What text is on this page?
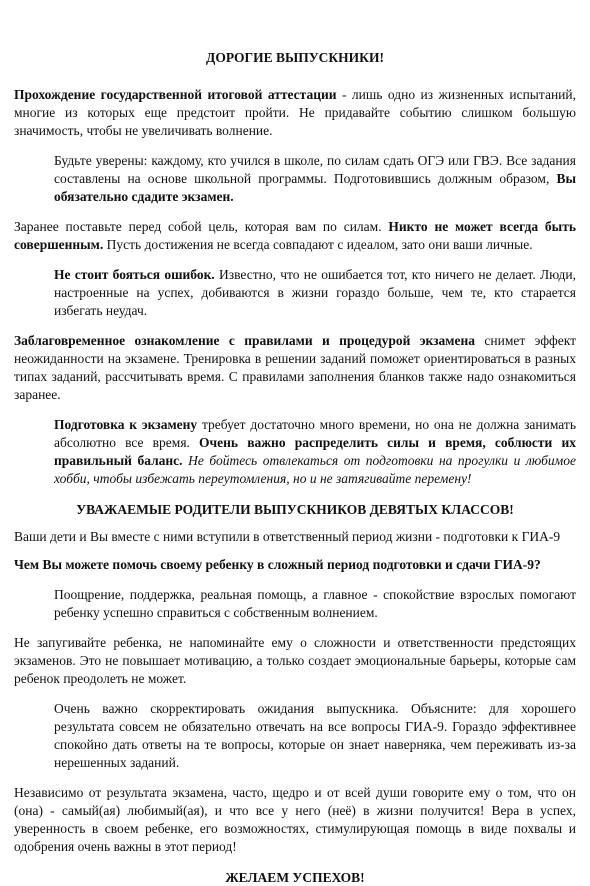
ДОРОГИЕ ВЫПУСКНИКИ!

Прохождение государственной итоговой аттестации - лишь одно из жизненных испытаний, многие из которых еще предстоит пройти. Не придавайте событию слишком большую значимость, чтобы не увеличивать волнение.

Будьте уверены: каждому, кто учился в школе, по силам сдать ОГЭ или ГВЭ. Все задания составлены на основе школьной программы. Подготовившись должным образом, Вы обязательно сдадите экзамен.

Заранее поставьте перед собой цель, которая вам по силам. Никто не может всегда быть совершенным. Пусть достижения не всегда совпадают с идеалом, зато они ваши личные.

Не стоит бояться ошибок. Известно, что не ошибается тот, кто ничего не делает. Люди, настроенные на успех, добиваются в жизни гораздо больше, чем те, кто старается избегать неудач.

Заблаговременное ознакомление с правилами и процедурой экзамена снимет эффект неожиданности на экзамене. Тренировка в решении заданий поможет ориентироваться в разных типах заданий, рассчитывать время. С правилами заполнения бланков также надо ознакомиться заранее.

Подготовка к экзамену требует достаточно много времени, но она не должна занимать абсолютно все время. Очень важно распределить силы и время, соблюсти их правильный баланс. Не бойтесь отвлекаться от подготовки на прогулки и любимое хобби, чтобы избежать переутомления, но и не затягивайте перемену!

УВАЖАЕМЫЕ РОДИТЕЛИ ВЫПУСКНИКОВ ДЕВЯТЫХ КЛАССОВ!

Ваши дети и Вы вместе с ними вступили в ответственный период жизни - подготовки к ГИА-9

Чем Вы можете помочь своему ребенку в сложный период подготовки и сдачи ГИА-9?

Поощрение, поддержка, реальная помощь, а главное - спокойствие взрослых помогают ребенку успешно справиться с собственным волнением.

Не запугивайте ребенка, не напоминайте ему о сложности и ответственности предстоящих экзаменов. Это не повышает мотивацию, а только создает эмоциональные барьеры, которые сам ребенок преодолеть не может.

Очень важно скорректировать ожидания выпускника. Объясните: для хорошего результата совсем не обязательно отвечать на все вопросы ГИА-9. Гораздо эффективнее спокойно дать ответы на те вопросы, которые он знает наверняка, чем переживать из-за нерешенных заданий.

Независимо от результата экзамена, часто, щедро и от всей души говорите ему о том, что он (она) - самый(ая) любимый(ая), и что все у него (неё) в жизни получится! Вера в успех, уверенность в своем ребенке, его возможностях, стимулирующая помощь в виде похвалы и одобрения очень важны в этот период!

ЖЕЛАЕМ УСПЕХОВ!
